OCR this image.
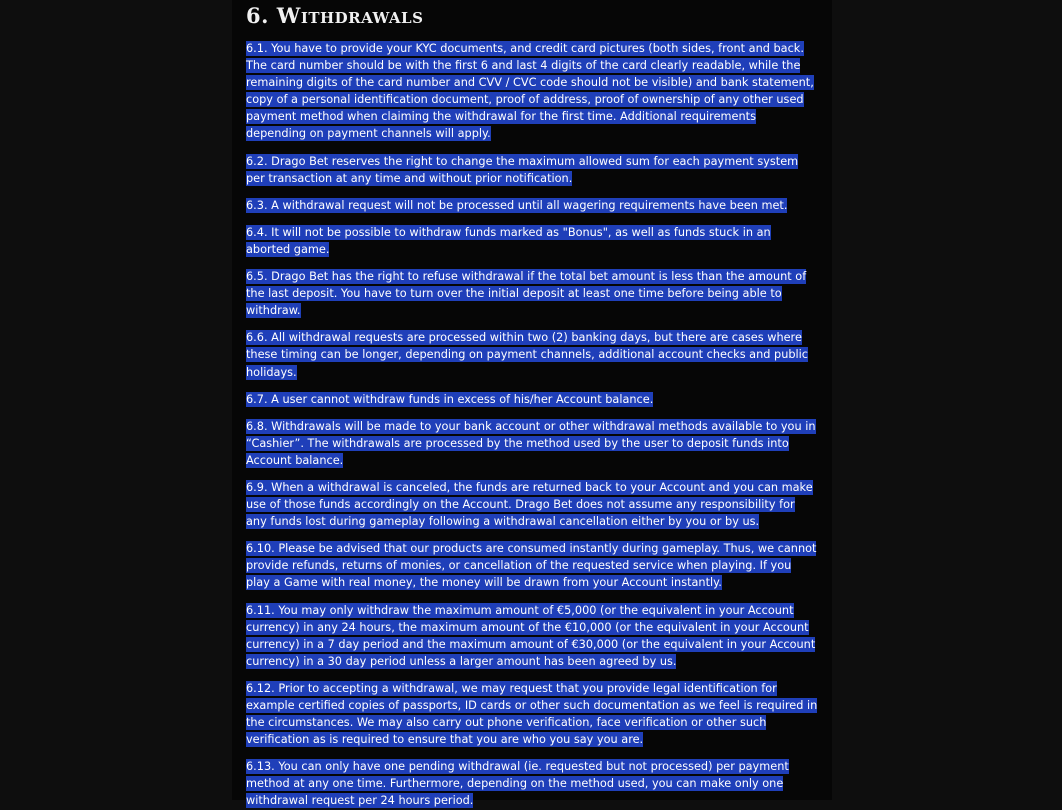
6. Withdrawals

6.1. You have to provide your KYC documents, and credit card pictures (both sides, front and back. The card number should be with the first 6 and last 4 digits of the card clearly readable, while the remaining digits of the card number and CVV / CVC code should not be visible) and bank statement, copy of a personal identification document, proof of address, proof of ownership of any other used payment method when claiming the withdrawal for the first time. Additional requirements depending on payment channels will apply.

6.2. Drago Bet reserves the right to change the maximum allowed sum for each payment system per transaction at any time and without prior notification.

6.3. A withdrawal request will not be processed until all wagering requirements have been met.

6.4. It will not be possible to withdraw funds marked as "Bonus", as well as funds stuck in an aborted game.

6.5. Drago Bet has the right to refuse withdrawal if the total bet amount is less than the amount of the last deposit. You have to turn over the initial deposit at least one time before being able to withdraw.

6.6. All withdrawal requests are processed within two (2) banking days, but there are cases where these timing can be longer, depending on payment channels, additional account checks and public holidays.

6.7. A user cannot withdraw funds in excess of his/her Account balance.

6.8. Withdrawals will be made to your bank account or other withdrawal methods available to you in “Cashier”. The withdrawals are processed by the method used by the user to deposit funds into Account balance.

6.9. When a withdrawal is canceled, the funds are returned back to your Account and you can make use of those funds accordingly on the Account. Drago Bet does not assume any responsibility for any funds lost during gameplay following a withdrawal cancellation either by you or by us.

6.10. Please be advised that our products are consumed instantly during gameplay. Thus, we cannot provide refunds, returns of monies, or cancellation of the requested service when playing. If you play a Game with real money, the money will be drawn from your Account instantly.

6.11. You may only withdraw the maximum amount of €5,000 (or the equivalent in your Account currency) in any 24 hours, the maximum amount of the €10,000 (or the equivalent in your Account currency) in a 7 day period and the maximum amount of €30,000 (or the equivalent in your Account currency) in a 30 day period unless a larger amount has been agreed by us.

6.12. Prior to accepting a withdrawal, we may request that you provide legal identification for example certified copies of passports, ID cards or other such documentation as we feel is required in the circumstances. We may also carry out phone verification, face verification or other such verification as is required to ensure that you are who you say you are.

6.13. You can only have one pending withdrawal (ie. requested but not processed) per payment method at any one time. Furthermore, depending on the method used, you can make only one withdrawal request per 24 hours period.
